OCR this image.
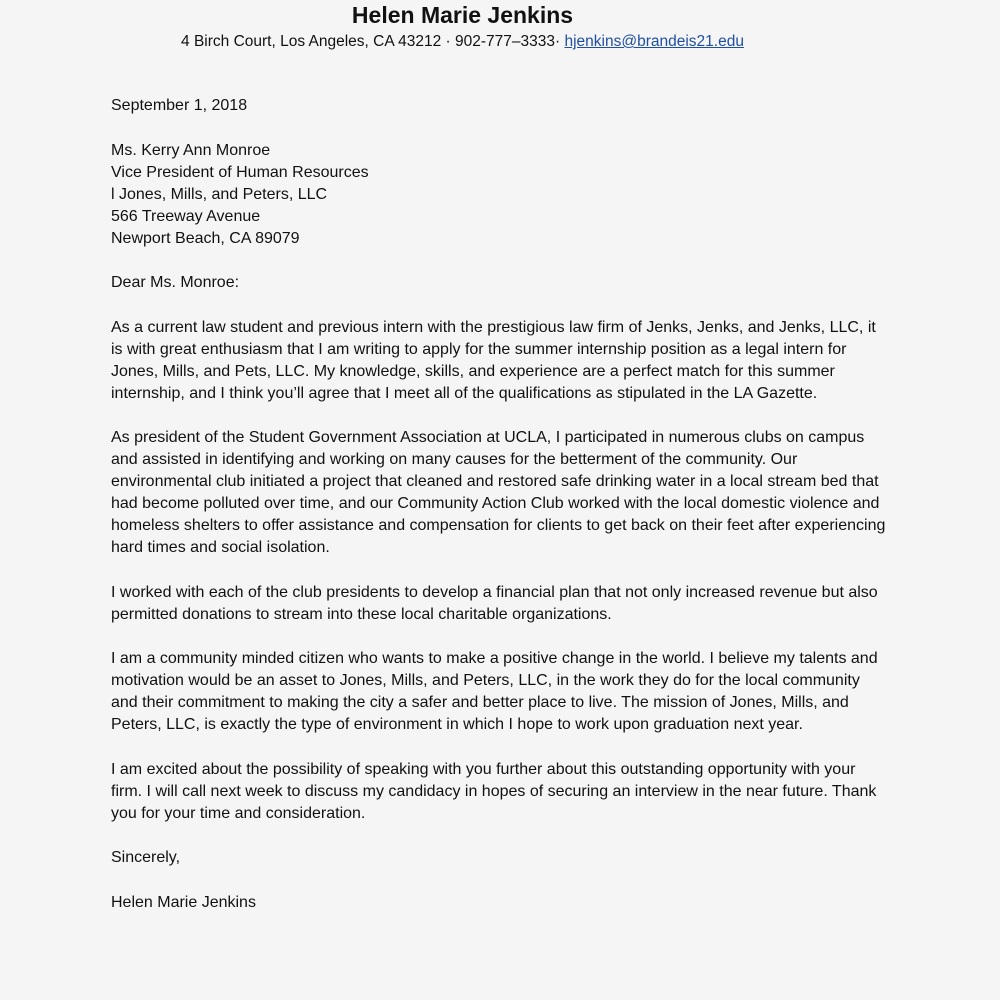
Helen Marie Jenkins
4 Birch Court, Los Angeles, CA 43212 · 902-777–3333· hjenkins@brandeis21.edu

September 1, 2018

Ms. Kerry Ann Monroe
Vice President of Human Resources
l Jones, Mills, and Peters, LLC
566 Treeway Avenue
Newport Beach, CA 89079

Dear Ms. Monroe:

As a current law student and previous intern with the prestigious law firm of Jenks, Jenks, and Jenks, LLC, it is with great enthusiasm that I am writing to apply for the summer internship position as a legal intern for Jones, Mills, and Pets, LLC. My knowledge, skills, and experience are a perfect match for this summer internship, and I think you’ll agree that I meet all of the qualifications as stipulated in the LA Gazette.

As president of the Student Government Association at UCLA, I participated in numerous clubs on campus and assisted in identifying and working on many causes for the betterment of the community. Our environmental club initiated a project that cleaned and restored safe drinking water in a local stream bed that had become polluted over time, and our Community Action Club worked with the local domestic violence and homeless shelters to offer assistance and compensation for clients to get back on their feet after experiencing hard times and social isolation.

I worked with each of the club presidents to develop a financial plan that not only increased revenue but also permitted donations to stream into these local charitable organizations.

I am a community minded citizen who wants to make a positive change in the world. I believe my talents and motivation would be an asset to Jones, Mills, and Peters, LLC, in the work they do for the local community and their commitment to making the city a safer and better place to live. The mission of Jones, Mills, and Peters, LLC, is exactly the type of environment in which I hope to work upon graduation next year.

I am excited about the possibility of speaking with you further about this outstanding opportunity with your firm. I will call next week to discuss my candidacy in hopes of securing an interview in the near future. Thank you for your time and consideration.

Sincerely,

Helen Marie Jenkins
